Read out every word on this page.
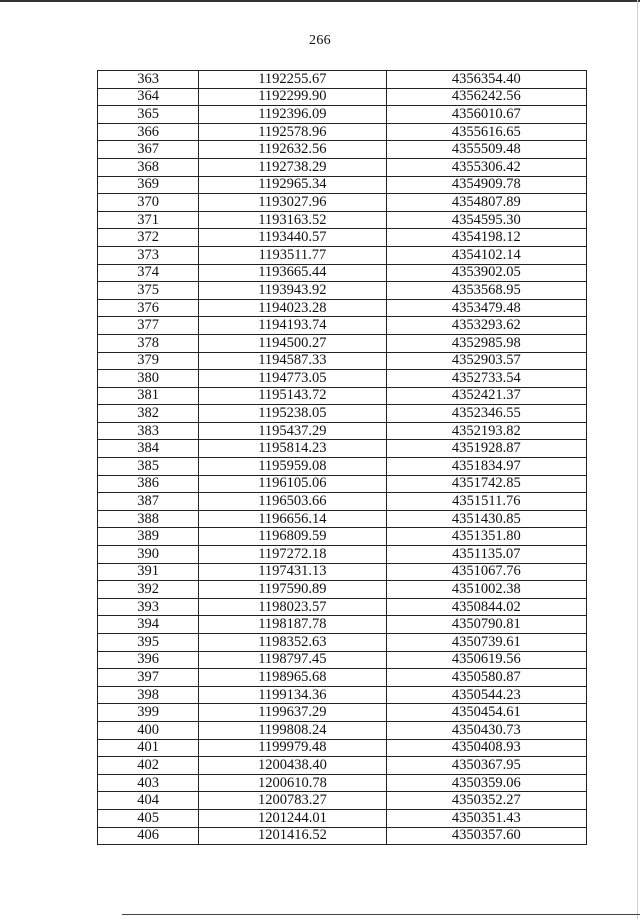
266
363	1192255.67	4356354.40
364	1192299.90	4356242.56
365	1192396.09	4356010.67
366	1192578.96	4355616.65
367	1192632.56	4355509.48
368	1192738.29	4355306.42
369	1192965.34	4354909.78
370	1193027.96	4354807.89
371	1193163.52	4354595.30
372	1193440.57	4354198.12
373	1193511.77	4354102.14
374	1193665.44	4353902.05
375	1193943.92	4353568.95
376	1194023.28	4353479.48
377	1194193.74	4353293.62
378	1194500.27	4352985.98
379	1194587.33	4352903.57
380	1194773.05	4352733.54
381	1195143.72	4352421.37
382	1195238.05	4352346.55
383	1195437.29	4352193.82
384	1195814.23	4351928.87
385	1195959.08	4351834.97
386	1196105.06	4351742.85
387	1196503.66	4351511.76
388	1196656.14	4351430.85
389	1196809.59	4351351.80
390	1197272.18	4351135.07
391	1197431.13	4351067.76
392	1197590.89	4351002.38
393	1198023.57	4350844.02
394	1198187.78	4350790.81
395	1198352.63	4350739.61
396	1198797.45	4350619.56
397	1198965.68	4350580.87
398	1199134.36	4350544.23
399	1199637.29	4350454.61
400	1199808.24	4350430.73
401	1199979.48	4350408.93
402	1200438.40	4350367.95
403	1200610.78	4350359.06
404	1200783.27	4350352.27
405	1201244.01	4350351.43
406	1201416.52	4350357.60
